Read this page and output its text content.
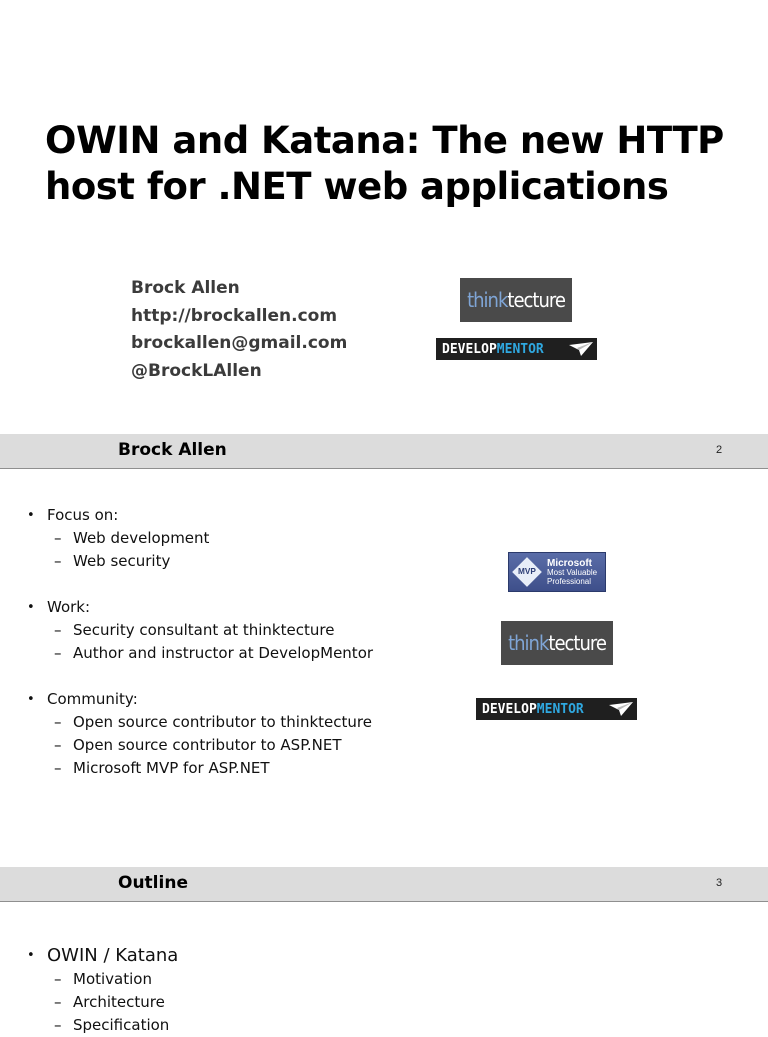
OWIN and Katana: The new HTTP host for .NET web applications
Brock Allen
http://brockallen.com
brockallen@gmail.com
@BrockLAllen
think tecture
DEVELOP MENTOR
Brock Allen	2
• Focus on:
– Web development
– Web security
• Work:
– Security consultant at thinktecture
– Author and instructor at DevelopMentor
• Community:
– Open source contributor to thinktecture
– Open source contributor to ASP.NET
– Microsoft MVP for ASP.NET
MVP
Microsoft
Most Valuable
Professional
think tecture
DEVELOP MENTOR
Outline	3
• OWIN / Katana
– Motivation
– Architecture
– Specification
